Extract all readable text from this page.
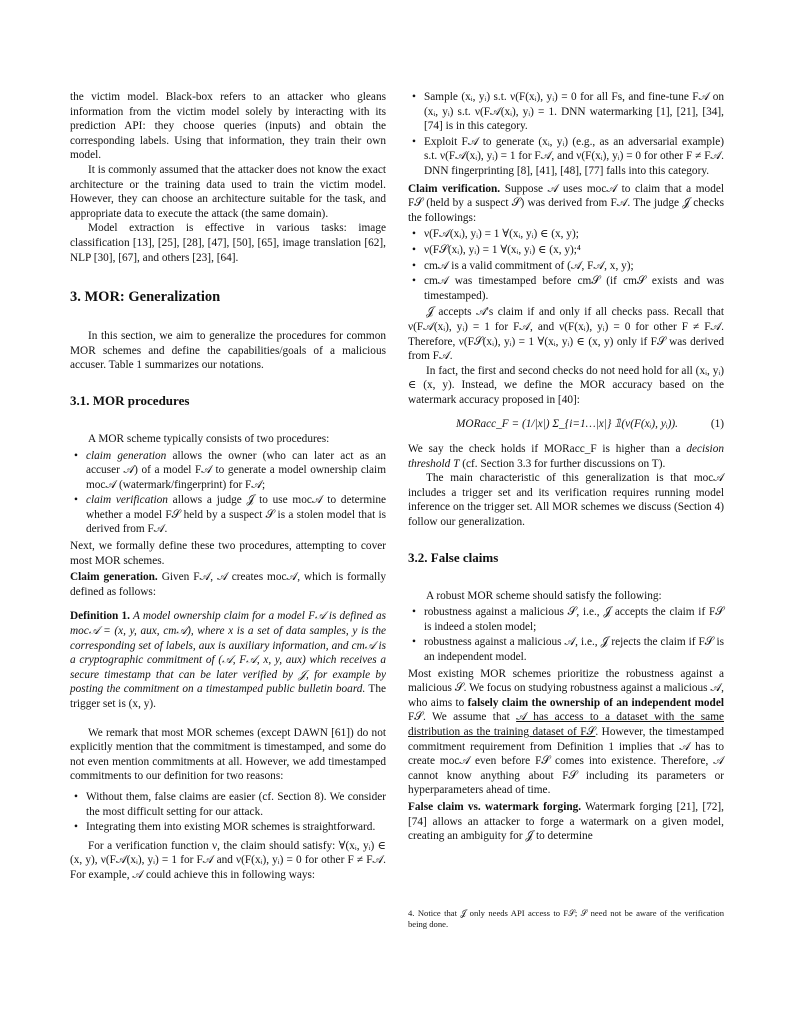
the victim model. Black-box refers to an attacker who gleans information from the victim model solely by interacting with its prediction API: they choose queries (inputs) and obtain the corresponding labels. Using that information, they train their own model.

It is commonly assumed that the attacker does not know the exact architecture or the training data used to train the victim model. However, they can choose an architecture suitable for the task, and appropriate data to execute the attack (the same domain).

Model extraction is effective in various tasks: image classification [13], [25], [28], [47], [50], [65], image translation [62], NLP [30], [67], and others [23], [64].

3. MOR: Generalization

In this section, we aim to generalize the procedures for common MOR schemes and define the capabilities/goals of a malicious accuser. Table 1 summarizes our notations.

3.1. MOR procedures

A MOR scheme typically consists of two procedures:

• claim generation allows the owner (who can later act as an accuser 𝒜) of a model F𝒜 to generate a model ownership claim moc𝒜 (watermark/fingerprint) for F𝒜;
• claim verification allows a judge 𝒥 to use moc𝒜 to determine whether a model F𝒮 held by a suspect 𝒮 is a stolen model that is derived from F𝒜.

Next, we formally define these two procedures, attempting to cover most MOR schemes.

Claim generation. Given F𝒜, 𝒜 creates moc𝒜, which is formally defined as follows:

Definition 1. A model ownership claim for a model F𝒜 is defined as moc𝒜 = (x, y, aux, cm𝒜), where x is a set of data samples, y is the corresponding set of labels, aux is auxiliary information, and cm𝒜 is a cryptographic commitment of (𝒜, F𝒜, x, y, aux) which receives a secure timestamp that can be later verified by 𝒥, for example by posting the commitment on a timestamped public bulletin board. The trigger set is (x, y).

We remark that most MOR schemes (except DAWN [61]) do not explicitly mention that the commitment is timestamped, and some do not even mention commitments at all. However, we add timestamped commitments to our definition for two reasons:

• Without them, false claims are easier (cf. Section 8). We consider the most difficult setting for our attack.
• Integrating them into existing MOR schemes is straightforward.

For a verification function ν, the claim should satisfy: ∀(xᵢ, yᵢ) ∈ (x, y), ν(F𝒜(xᵢ), yᵢ) = 1 for F𝒜 and ν(F(xᵢ), yᵢ) = 0 for other F ≠ F𝒜. For example, 𝒜 could achieve this in following ways:

• Sample (xᵢ, yᵢ) s.t. ν(F(xᵢ), yᵢ) = 0 for all Fs, and fine-tune F𝒜 on (xᵢ, yᵢ) s.t. ν(F𝒜(xᵢ), yᵢ) = 1. DNN watermarking [1], [21], [34], [74] is in this category.
• Exploit F𝒜 to generate (xᵢ, yᵢ) (e.g., as an adversarial example) s.t. ν(F𝒜(xᵢ), yᵢ) = 1 for F𝒜, and ν(F(xᵢ), yᵢ) = 0 for other F ≠ F𝒜. DNN fingerprinting [8], [41], [48], [77] falls into this category.

Claim verification. Suppose 𝒜 uses moc𝒜 to claim that a model F𝒮 (held by a suspect 𝒮) was derived from F𝒜. The judge 𝒥 checks the followings:

• ν(F𝒜(xᵢ), yᵢ) = 1 ∀(xᵢ, yᵢ) ∈ (x, y);
• ν(F𝒮(xᵢ), yᵢ) = 1 ∀(xᵢ, yᵢ) ∈ (x, y);⁴
• cm𝒜 is a valid commitment of (𝒜, F𝒜, x, y);
• cm𝒜 was timestamped before cm𝒮 (if cm𝒮 exists and was timestamped).

𝒥 accepts 𝒜's claim if and only if all checks pass. Recall that ν(F𝒜(xᵢ), yᵢ) = 1 for F𝒜, and ν(F(xᵢ), yᵢ) = 0 for other F ≠ F𝒜. Therefore, ν(F𝒮(xᵢ), yᵢ) = 1 ∀(xᵢ, yᵢ) ∈ (x, y) only if F𝒮 was derived from F𝒜.

In fact, the first and second checks do not need hold for all (xᵢ, yᵢ) ∈ (x, y). Instead, we define the MOR accuracy based on the watermark accuracy proposed in [40]:

MORacc_F = (1/|x|) Σ_{i=1…|x|} 𝟙(ν(F(xᵢ), yᵢ)).	(1)

We say the check holds if MORacc_F is higher than a decision threshold T (cf. Section 3.3 for further discussions on T).

The main characteristic of this generalization is that moc𝒜 includes a trigger set and its verification requires running model inference on the trigger set. All MOR schemes we discuss (Section 4) follow our generalization.

3.2. False claims

A robust MOR scheme should satisfy the following:

• robustness against a malicious 𝒮, i.e., 𝒥 accepts the claim if F𝒮 is indeed a stolen model;
• robustness against a malicious 𝒜, i.e., 𝒥 rejects the claim if F𝒮 is an independent model.

Most existing MOR schemes prioritize the robustness against a malicious 𝒮. We focus on studying robustness against a malicious 𝒜, who aims to falsely claim the ownership of an independent model F𝒮. We assume that 𝒜 has access to a dataset with the same distribution as the training dataset of F𝒮. However, the timestamped commitment requirement from Definition 1 implies that 𝒜 has to create moc𝒜 even before F𝒮 comes into existence. Therefore, 𝒜 cannot know anything about F𝒮 including its parameters or hyperparameters ahead of time.

False claim vs. watermark forging. Watermark forging [21], [72], [74] allows an attacker to forge a watermark on a given model, creating an ambiguity for 𝒥 to determine

4. Notice that 𝒥 only needs API access to F𝒮; 𝒮 need not be aware of the verification being done.
